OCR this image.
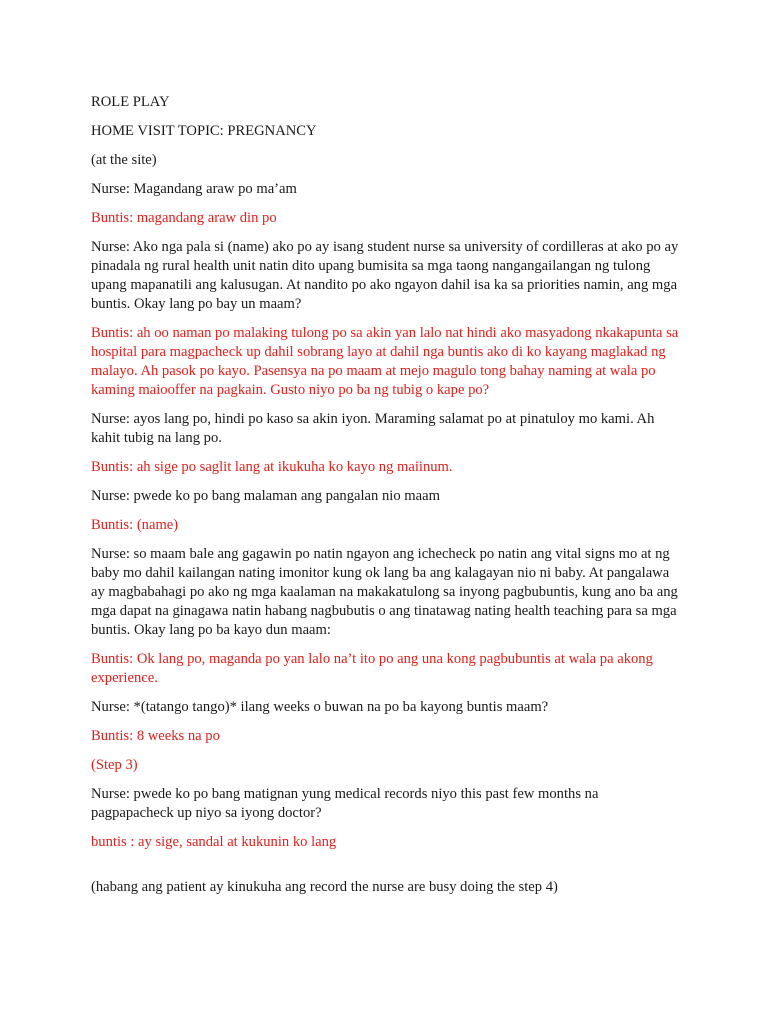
ROLE PLAY

HOME VISIT TOPIC: PREGNANCY

(at the site)

Nurse: Magandang araw po ma’am

Buntis: magandang araw din po

Nurse: Ako nga pala si (name) ako po ay isang student nurse sa university of cordilleras at ako po ay pinadala ng rural health unit natin dito upang bumisita sa mga taong nangangailangan ng tulong upang mapanatili ang kalusugan. At nandito po ako ngayon dahil isa ka sa priorities namin, ang mga buntis. Okay lang po bay un maam?

Buntis: ah oo naman po malaking tulong po sa akin yan lalo nat hindi ako masyadong nkakapunta sa hospital para magpacheck up dahil sobrang layo at dahil nga buntis ako di ko kayang maglakad ng malayo. Ah pasok po kayo. Pasensya na po maam at mejo magulo tong bahay naming at wala po kaming maiooffer na pagkain. Gusto niyo po ba ng tubig o kape po?

Nurse: ayos lang po, hindi po kaso sa akin iyon. Maraming salamat po at pinatuloy mo kami. Ah kahit tubig na lang po.

Buntis: ah sige po saglit lang at ikukuha ko kayo ng maiinum.

Nurse: pwede ko po bang malaman ang pangalan nio maam

Buntis: (name)

Nurse: so maam bale ang gagawin po natin ngayon ang ichecheck po natin ang vital signs mo at ng baby mo dahil kailangan nating imonitor kung ok lang ba ang kalagayan nio ni baby. At pangalawa ay magbabahagi po ako ng mga kaalaman na makakatulong sa inyong pagbubuntis, kung ano ba ang mga dapat na ginagawa natin habang nagbubutis o ang tinatawag nating health teaching para sa mga buntis. Okay lang po ba kayo dun maam:

Buntis: Ok lang po, maganda po yan lalo na’t ito po ang una kong pagbubuntis at wala pa akong experience.

Nurse: *(tatango tango)* ilang weeks o buwan na po ba kayong buntis maam?

Buntis: 8 weeks na po

(Step 3)

Nurse: pwede ko po bang matignan yung medical records niyo this past few months na pagpapacheck up niyo sa iyong doctor?

buntis : ay sige, sandal at kukunin ko lang

(habang ang patient ay kinukuha ang record the nurse are busy doing the step 4)
